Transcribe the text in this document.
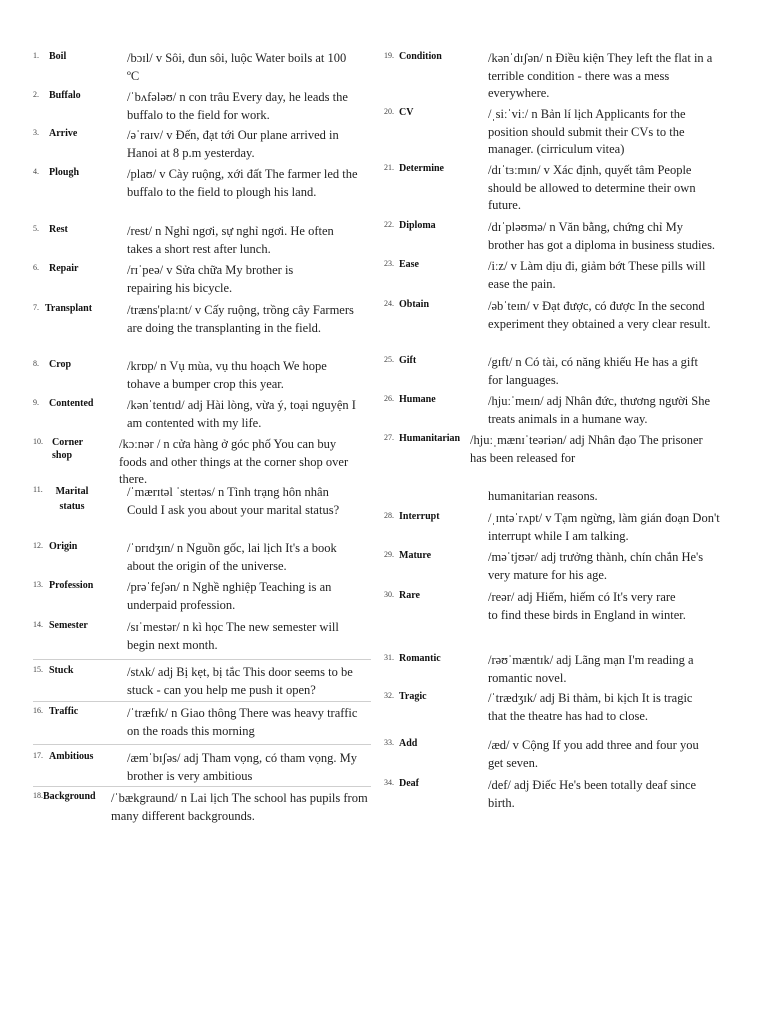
1. Boil	/bɔɪl/ v Sôi, đun sôi, luộc Water boils at 100 ºC
2. Buffalo	/ˈbʌfələʊ/ n con trâu Every day, he leads the buffalo to the field for work.
3. Arrive	/əˈraɪv/ v Đến, đạt tới Our plane arrived in Hanoi at 8 p.m yesterday.
4. Plough	/plaʊ/ v Cày ruộng, xới đất The farmer led the buffalo to the field to plough his land.
5. Rest	/rest/ n Nghỉ ngơi, sự nghỉ ngơi. He often takes a short rest after lunch.
6. Repair	/rɪˈpeə/ v Sửa chữa My brother is repairing his bicycle.
7. Transplant	/træns'pla:nt/ v Cấy ruộng, trồng cây Farmers are doing the transplanting in the field.
8. Crop	/krɒp/ n Vụ mùa, vụ thu hoạch We hope tohave a bumper crop this year.
9. Contented	/kənˈtentɪd/ adj Hài lòng, vừa ý, toại nguyện I am contented with my life.
10. Corner shop
/kɔːnər / n cửa hàng ở góc phố You can buy foods and other things at the corner shop over there.
11.	Marital status
/ˈmærɪtəl ˈsteɪtəs/ n Tình trạng hôn nhân Could I ask you about your marital status?
12. Origin	/ˈɒrɪdʒɪn/ n Nguồn gốc, lai lịch It's a book about the origin of the universe.
13. Profession	/prəˈfeʃən/ n Nghề nghiệp Teaching is an underpaid profession.
14. Semester	/sɪˈmestər/ n kì học The new semester will begin next month.
15. Stuck	/stʌk/ adj Bị kẹt, bị tắc This door seems to be stuck - can you help me push it open?
16. Traffic	/ˈtræfɪk/ n Giao thông There was heavy traffic on the roads this morning
17. Ambitious	/æmˈbɪʃəs/ adj Tham vọng, có tham vọng. My brother is very ambitious
18. Background /ˈbækgraund/ n Lai lịch The school has pupils from many different backgrounds.
19. Condition	/kənˈdɪʃən/ n Điều kiện They left the flat in a terrible condition - there was a mess everywhere.
20. CV	/ˌsiːˈviː/ n Bản lí lịch Applicants for the position should submit their CVs to the manager. (cirriculum vitea)
21. Determine	/dɪˈtɜːmɪn/ v Xác định, quyết tâm People should be allowed to determine their own future.
22. Diploma	/dɪˈpləʊmə/ n Văn bằng, chứng chỉ My brother has got a diploma in business studies.
23. Ease	/iːz/ v Làm dịu đi, giảm bớt These pills will ease the pain.
24. Obtain	/əbˈteɪn/ v Đạt được, có được In the second experiment they obtained a very clear result.
25. Gift	/gɪft/ n Có tài, có năng khiếu He has a gift for languages.
26. Humane	/hjuːˈmeɪn/ adj Nhân đức, thương người She treats animals in a humane way.
27. Humanitarian /hjuːˌmænɪˈteəriən/ adj Nhân đạo The prisoner has been released for
humanitarian reasons.
28. Interrupt	/ˌɪntəˈrʌpt/ v Tạm ngừng, làm gián đoạn Don't interrupt while I am talking.
29. Mature	/məˈtjʊər/ adj trưởng thành, chín chắn He's very mature for his age.
30. Rare	/reər/ adj Hiếm, hiếm có It's very rare to find these birds in England in winter.
31. Romantic	/rəʊˈmæntɪk/ adj Lãng mạn I'm reading a romantic novel.
32. Tragic	/ˈtrædʒɪk/ adj Bi thảm, bi kịch It is tragic that the theatre has had to close.
33. Add	/æd/ v Cộng If you add three and four you get seven.
34. Deaf	/def/ adj Điếc He's been totally deaf since birth.
